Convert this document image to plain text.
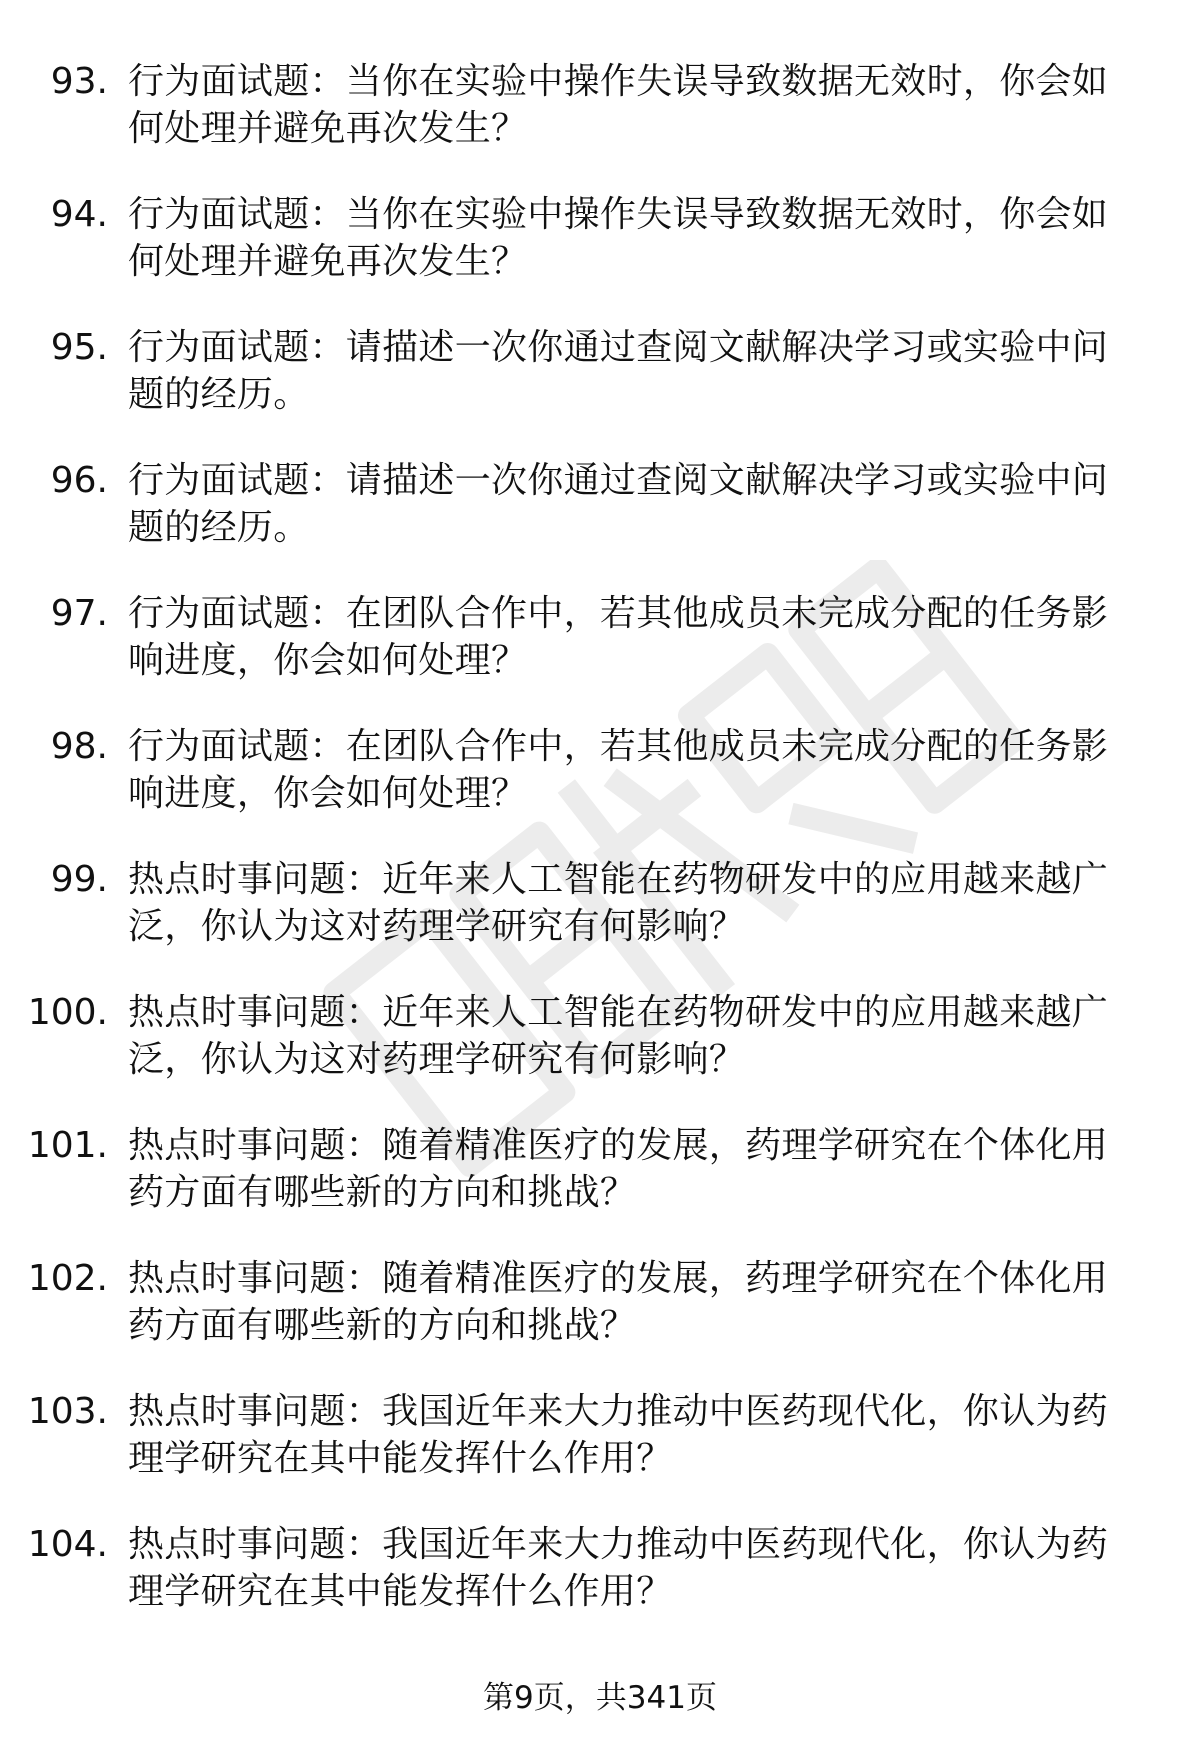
93. 行为面试题：当你在实验中操作失误导致数据无效时，你会如何处理并避免再次发生？
94. 行为面试题：当你在实验中操作失误导致数据无效时，你会如何处理并避免再次发生？
95. 行为面试题：请描述一次你通过查阅文献解决学习或实验中问题的经历。
96. 行为面试题：请描述一次你通过查阅文献解决学习或实验中问题的经历。
97. 行为面试题：在团队合作中，若其他成员未完成分配的任务影响进度，你会如何处理？
98. 行为面试题：在团队合作中，若其他成员未完成分配的任务影响进度，你会如何处理？
99. 热点时事问题：近年来人工智能在药物研发中的应用越来越广泛，你认为这对药理学研究有何影响？
100. 热点时事问题：近年来人工智能在药物研发中的应用越来越广泛，你认为这对药理学研究有何影响？
101. 热点时事问题：随着精准医疗的发展，药理学研究在个体化用药方面有哪些新的方向和挑战？
102. 热点时事问题：随着精准医疗的发展，药理学研究在个体化用药方面有哪些新的方向和挑战？
103. 热点时事问题：我国近年来大力推动中医药现代化，你认为药理学研究在其中能发挥什么作用？
104. 热点时事问题：我国近年来大力推动中医药现代化，你认为药理学研究在其中能发挥什么作用？
第9页，共341页
